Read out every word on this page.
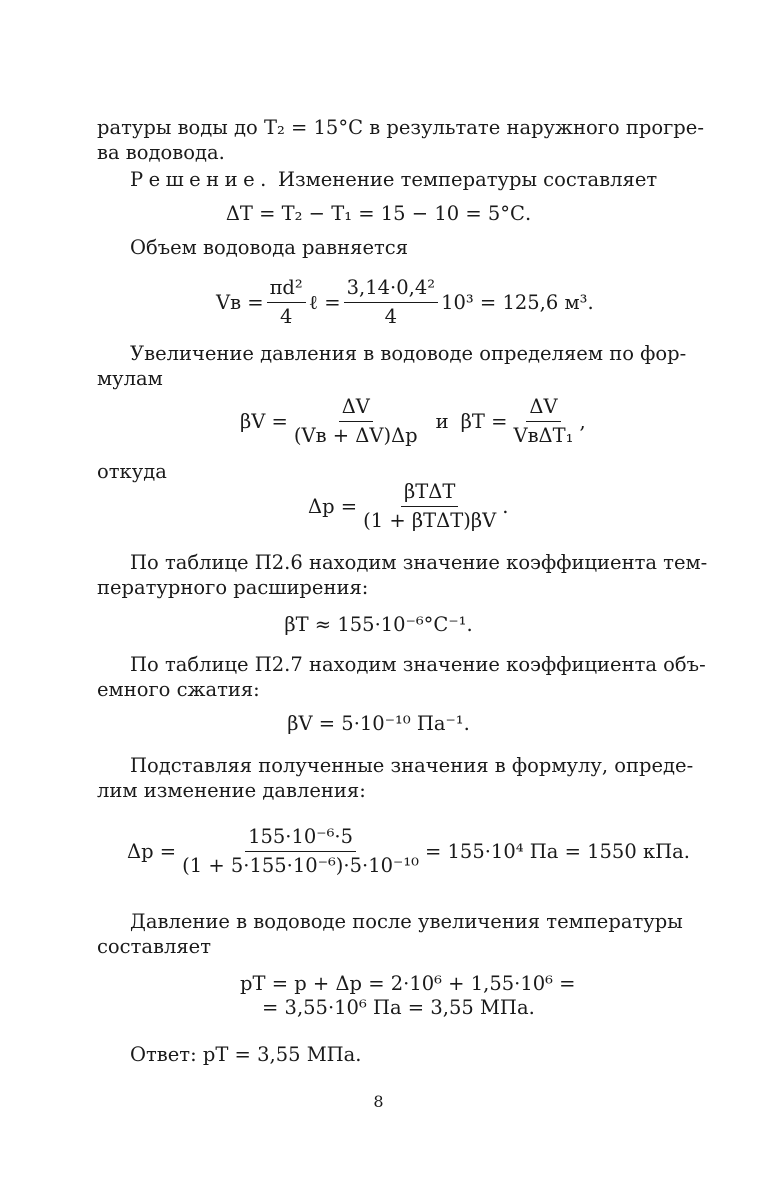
ратуры воды до T₂ = 15°С в результате наружного прогре-
ва водовода.
Решение. Изменение температуры составляет
ΔT = T₂ − T₁ = 15 − 10 = 5°С.
Объем водовода равняется
Vв = $\frac{\text{πd²}}{4}$ ℓ = $\frac{\text{3,14·0,4²}}{4} 10^3 = 125,6$ м³.
Увеличение давления в водоводе определяем по фор-
мулам
$\beta V = \frac{\Delta V}{(Vв + \Delta V)\Delta p}$ и $\beta T = \frac{\Delta V}{\text{VвΔT₁}}$ ,
откуда
$\Delta p = \frac{\text{βTΔT}}{\text{(1 + βTΔT)βV}}$ .
По таблице П2.6 находим значение коэффициента тем-
пературного расширения:
βT ≈ 155·10⁻⁶°С⁻¹.
По таблице П2.7 находим значение коэффициента объ-
емного сжатия:
βV = 5·10⁻¹⁰ Па⁻¹.
Подставляя полученные значения в формулу, опреде-
лим изменение давления:
$\Delta p = \frac{\text{155·10⁻⁶·5}}{\text{(1 + 5·155·10⁻⁶)·5·10⁻¹⁰}} = 155\cdot 10^4$ Па = 1550 кПа.
Давление в водоводе после увеличения температуры
составляет
pT = p + Δp = 2·10⁶ + 1,55·10⁶ =
= 3,55·10⁶ Па = 3,55 МПа.
Ответ: pT = 3,55 МПа.
8
